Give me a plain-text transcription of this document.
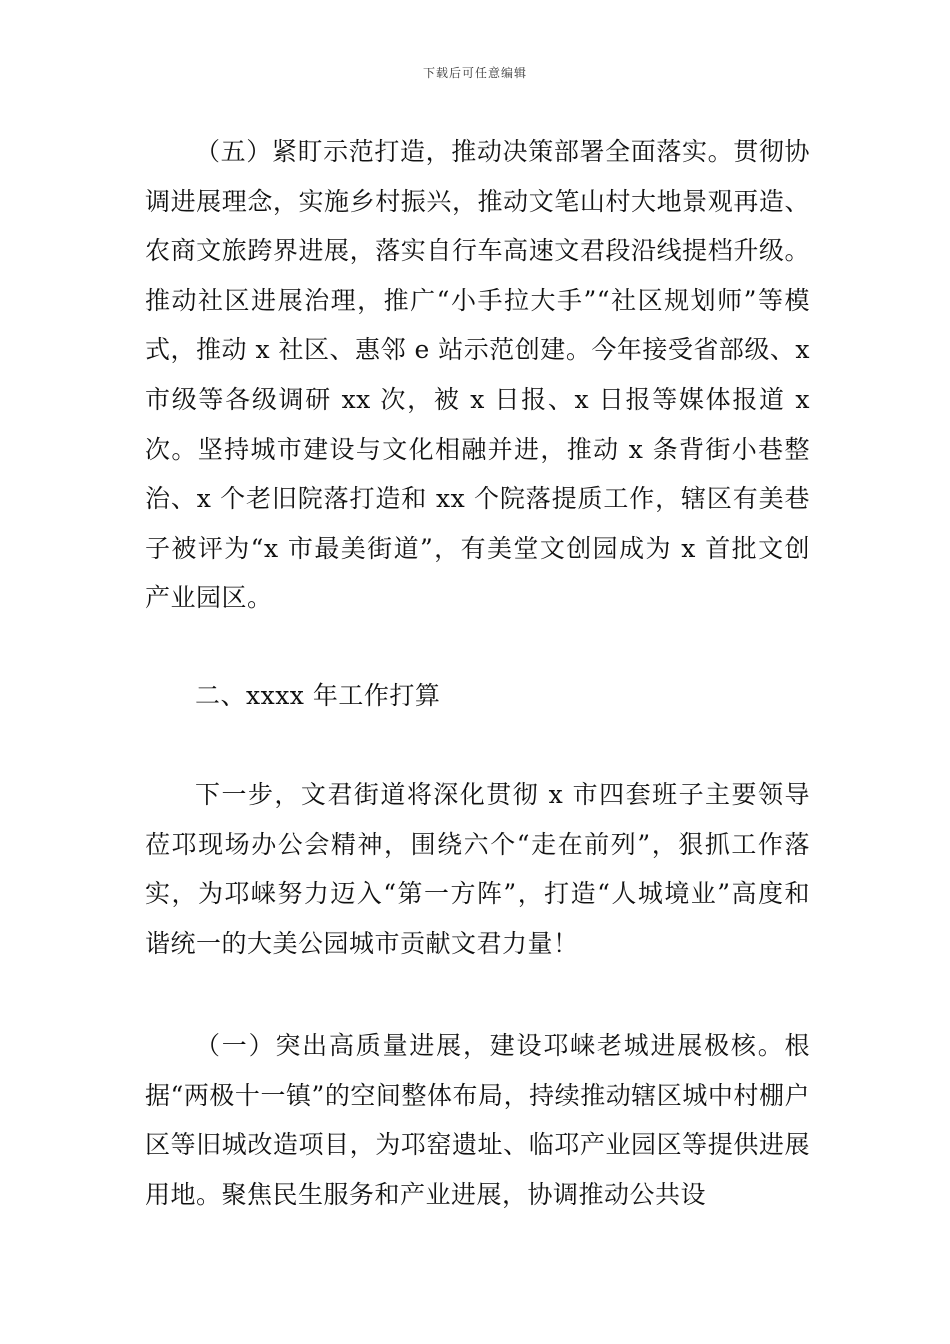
下载后可任意编辑

（五）紧盯示范打造，推动决策部署全面落实。贯彻协调进展理念，实施乡村振兴，推动文笔山村大地景观再造、农商文旅跨界进展，落实自行车高速文君段沿线提档升级。推动社区进展治理，推广“小手拉大手”“社区规划师”等模式，推动 x 社区、惠邻 e 站示范创建。今年接受省部级、x 市级等各级调研 xx 次，被 x 日报、x 日报等媒体报道 x 次。坚持城市建设与文化相融并进，推动 x 条背街小巷整治、x 个老旧院落打造和 xx 个院落提质工作，辖区有美巷子被评为“x 市最美街道”，有美堂文创园成为 x 首批文创产业园区。

二、xxxx 年工作打算

下一步，文君街道将深化贯彻 x 市四套班子主要领导莅邛现场办公会精神，围绕六个“走在前列”，狠抓工作落实，为邛崃努力迈入“第一方阵”，打造“人城境业”高度和谐统一的大美公园城市贡献文君力量！

（一）突出高质量进展，建设邛崃老城进展极核。根据“两极十一镇”的空间整体布局，持续推动辖区城中村棚户区等旧城改造项目，为邛窑遗址、临邛产业园区等提供进展用地。聚焦民生服务和产业进展，协调推动公共设
